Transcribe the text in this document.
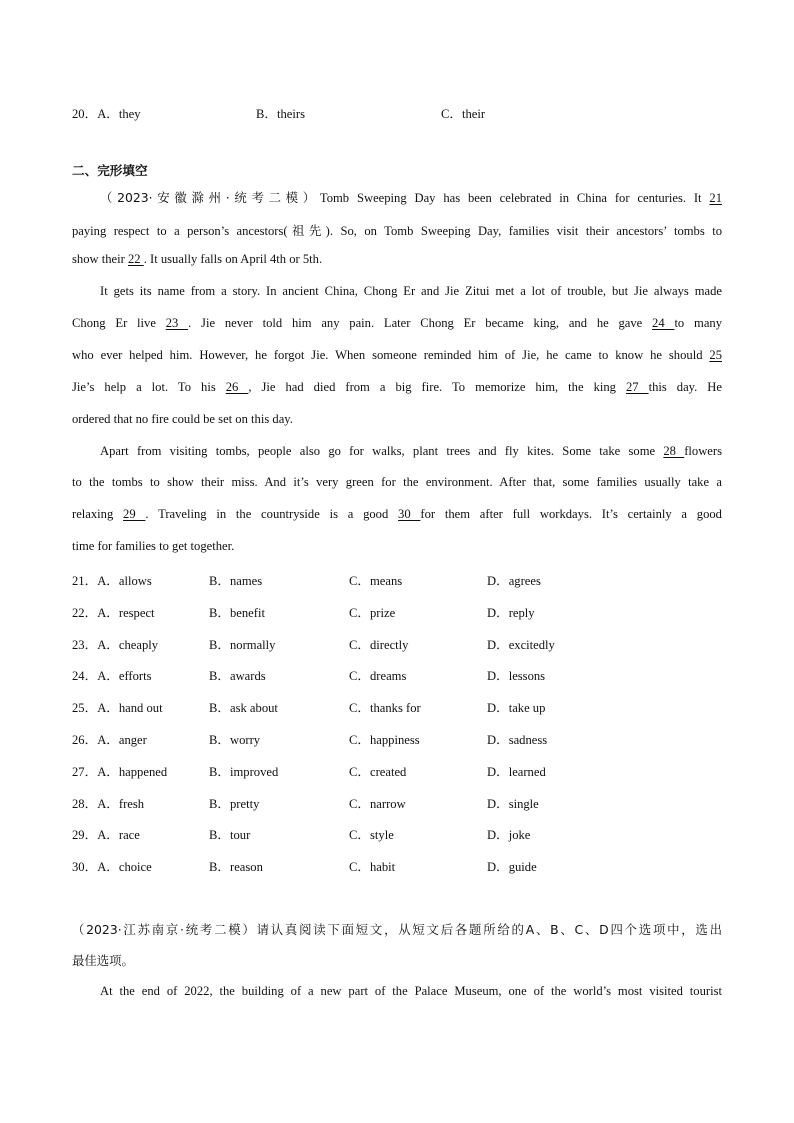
20．A．they	B．theirs	C．their
二、完形填空
（2023·安徽滁州·统考二模）Tomb Sweeping Day has been celebrated in China for centuries. It 21
paying respect to a person’s ancestors(祖先). So, on Tomb Sweeping Day, families visit their ancestors’ tombs to
show their 22 . It usually falls on April 4th or 5th.
It gets its name from a story. In ancient China, Chong Er and Jie Zitui met a lot of trouble, but Jie always made
Chong Er live 23 . Jie never told him any pain. Later Chong Er became king, and he gave 24 to many
who ever helped him. However, he forgot Jie. When someone reminded him of Jie, he came to know he should 25
Jie’s help a lot. To his 26 , Jie had died from a big fire. To memorize him, the king 27 this day. He
ordered that no fire could be set on this day.
Apart from visiting tombs, people also go for walks, plant trees and fly kites. Some take some 28 flowers
to the tombs to show their miss. And it’s very green for the environment. After that, some families usually take a
relaxing 29 . Traveling in the countryside is a good 30 for them after full workdays. It’s certainly a good
time for families to get together.
21．A．allows	B．names	C．means	D．agrees
22．A．respect	B．benefit	C．prize	D．reply
23．A．cheaply	B．normally	C．directly	D．excitedly
24．A．efforts	B．awards	C．dreams	D．lessons
25．A．hand out	B．ask about	C．thanks for	D．take up
26．A．anger	B．worry	C．happiness	D．sadness
27．A．happened	B．improved	C．created	D．learned
28．A．fresh	B．pretty	C．narrow	D．single
29．A．race	B．tour	C．style	D．joke
30．A．choice	B．reason	C．habit	D．guide
（2023·江苏南京·统考二模）请认真阅读下面短文，从短文后各题所给的A、B、C、D四个选项中，选出
最佳选项。
At the end of 2022, the building of a new part of the Palace Museum, one of the world’s most visited tourist
